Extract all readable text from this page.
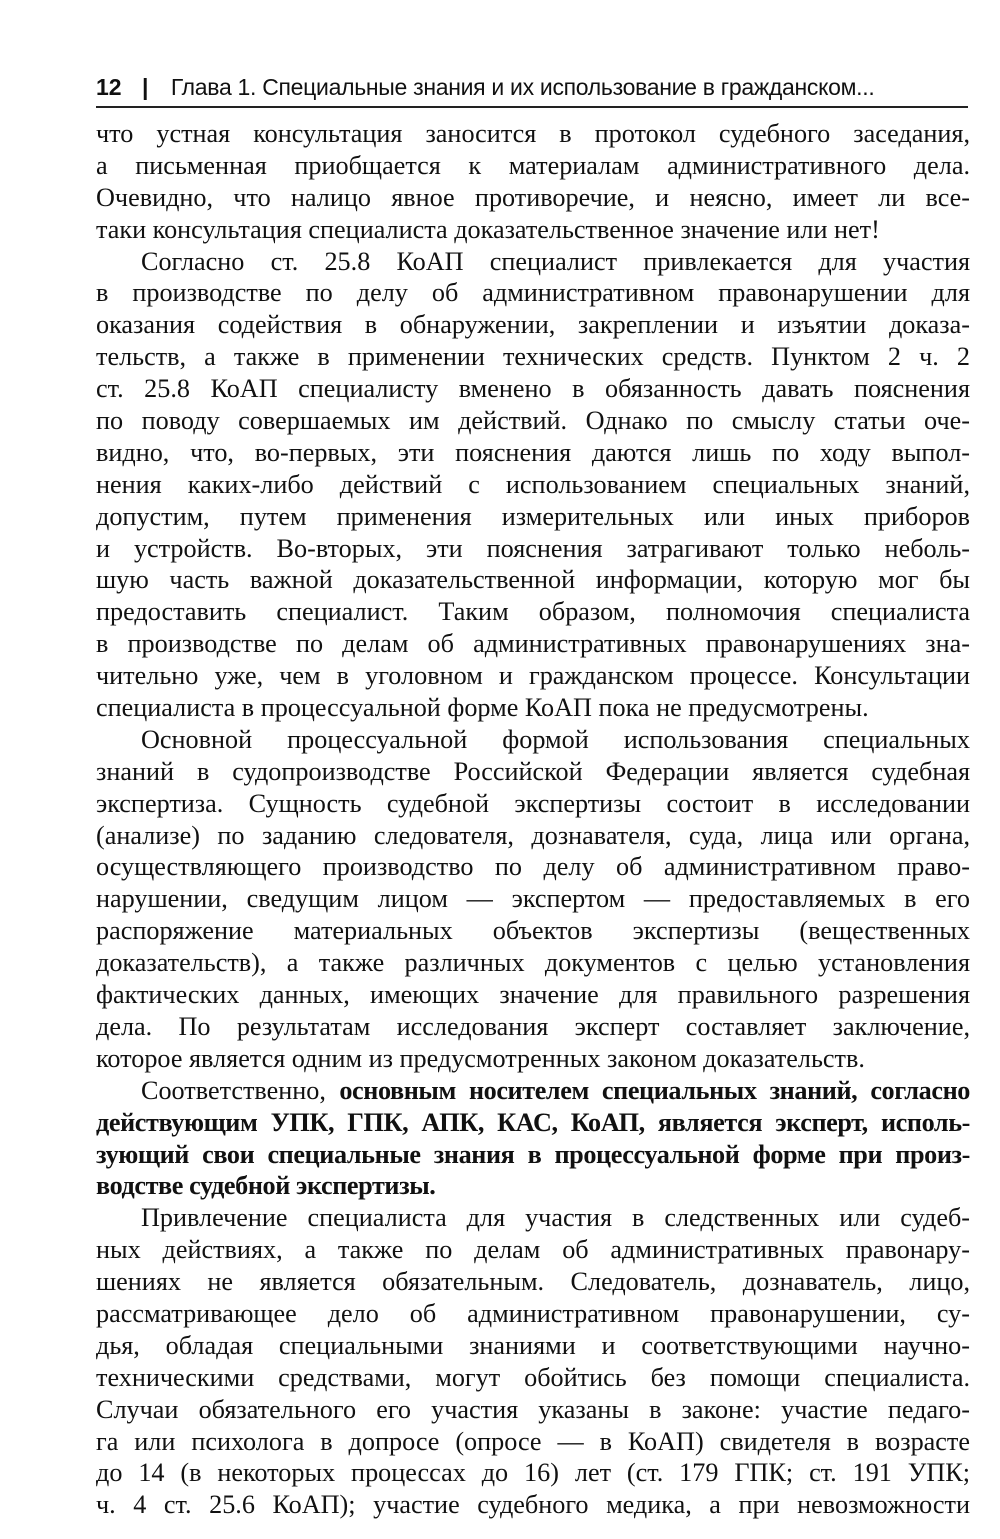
12 | Глава 1. Специальные знания и их использование в гражданском...
что устная консультация заносится в протокол судебного заседания,
а письменная приобщается к материалам административного дела.
Очевидно, что налицо явное противоречие, и неясно, имеет ли все-
таки консультация специалиста доказательственное значение или нет!
Согласно ст. 25.8 КоАП специалист привлекается для участия
в производстве по делу об административном правонарушении для
оказания содействия в обнаружении, закреплении и изъятии доказа-
тельств, а также в применении технических средств. Пунктом 2 ч. 2
ст. 25.8 КоАП специалисту вменено в обязанность давать пояснения
по поводу совершаемых им действий. Однако по смыслу статьи оче-
видно, что, во-первых, эти пояснения даются лишь по ходу выпол-
нения каких-либо действий с использованием специальных знаний,
допустим, путем применения измерительных или иных приборов
и устройств. Во-вторых, эти пояснения затрагивают только неболь-
шую часть важной доказательственной информации, которую мог бы
предоставить специалист. Таким образом, полномочия специалиста
в производстве по делам об административных правонарушениях зна-
чительно уже, чем в уголовном и гражданском процессе. Консультации
специалиста в процессуальной форме КоАП пока не предусмотрены.
Основной процессуальной формой использования специальных
знаний в судопроизводстве Российской Федерации является судебная
экспертиза. Сущность судебной экспертизы состоит в исследовании
(анализе) по заданию следователя, дознавателя, суда, лица или органа,
осуществляющего производство по делу об административном право-
нарушении, сведущим лицом — экспертом — предоставляемых в его
распоряжение материальных объектов экспертизы (вещественных
доказательств), а также различных документов с целью установления
фактических данных, имеющих значение для правильного разрешения
дела. По результатам исследования эксперт составляет заключение,
которое является одним из предусмотренных законом доказательств.
Соответственно, основным носителем специальных знаний, согласно
действующим УПК, ГПК, АПК, КАС, КоАП, является эксперт, исполь-
зующий свои специальные знания в процессуальной форме при произ-
водстве судебной экспертизы.
Привлечение специалиста для участия в следственных или судеб-
ных действиях, а также по делам об административных правонару-
шениях не является обязательным. Следователь, дознаватель, лицо,
рассматривающее дело об административном правонарушении, су-
дья, обладая специальными знаниями и соответствующими научно-
техническими средствами, могут обойтись без помощи специалиста.
Случаи обязательного его участия указаны в законе: участие педаго-
га или психолога в допросе (опросе — в КоАП) свидетеля в возрасте
до 14 (в некоторых процессах до 16) лет (ст. 179 ГПК; ст. 191 УПК;
ч. 4 ст. 25.6 КоАП); участие судебного медика, а при невозможности
